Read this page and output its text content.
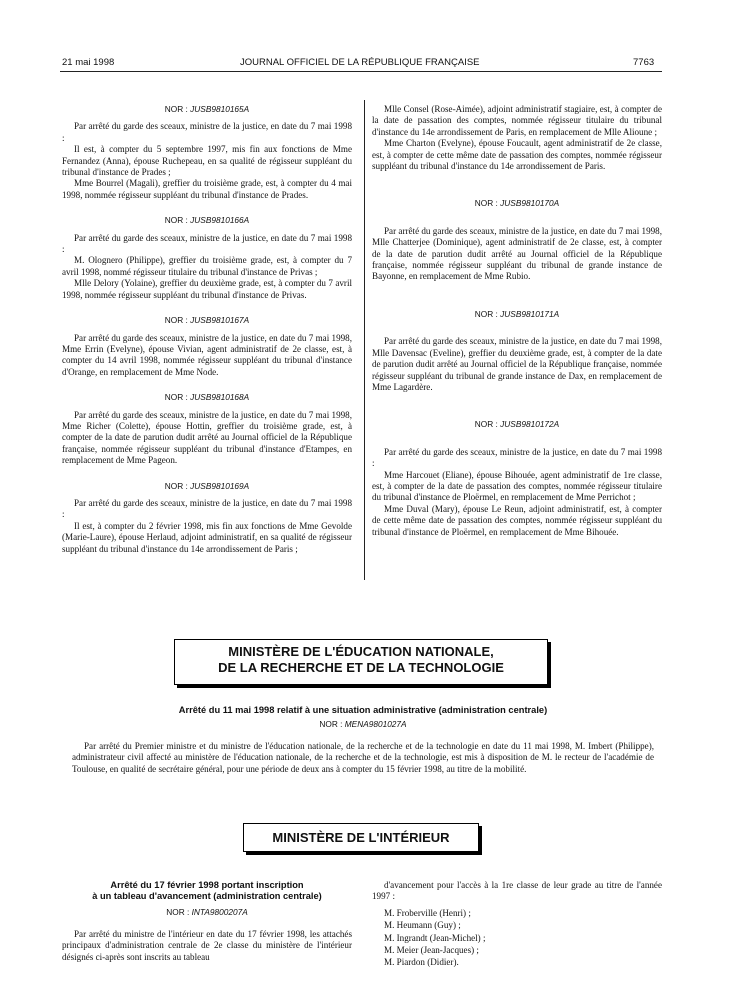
21 mai 1998	JOURNAL OFFICIEL DE LA RÉPUBLIQUE FRANÇAISE	7763
NOR : JUSB9810165A

Par arrêté du garde des sceaux, ministre de la justice, en date du 7 mai 1998 :

Il est, à compter du 5 septembre 1997, mis fin aux fonctions de Mme Fernandez (Anna), épouse Ruchepeau, en sa qualité de régisseur suppléant du tribunal d'instance de Prades ;

Mme Bourrel (Magali), greffier du troisième grade, est, à compter du 4 mai 1998, nommée régisseur suppléant du tribunal d'instance de Prades.

NOR : JUSB9810166A

Par arrêté du garde des sceaux, ministre de la justice, en date du 7 mai 1998 :

M. Olognero (Philippe), greffier du troisième grade, est, à compter du 7 avril 1998, nommé régisseur titulaire du tribunal d'instance de Privas ;

Mlle Delory (Yolaine), greffier du deuxième grade, est, à compter du 7 avril 1998, nommée régisseur suppléant du tribunal d'instance de Privas.

NOR : JUSB9810167A

Par arrêté du garde des sceaux, ministre de la justice, en date du 7 mai 1998, Mme Errin (Evelyne), épouse Vivian, agent administratif de 2e classe, est, à compter du 14 avril 1998, nommée régisseur suppléant du tribunal d'instance d'Orange, en remplacement de Mme Node.

NOR : JUSB9810168A

Par arrêté du garde des sceaux, ministre de la justice, en date du 7 mai 1998, Mme Richer (Colette), épouse Hottin, greffier du troisième grade, est, à compter de la date de parution dudit arrêté au Journal officiel de la République française, nommée régisseur suppléant du tribunal d'instance d'Etampes, en remplacement de Mme Pageon.

NOR : JUSB9810169A

Par arrêté du garde des sceaux, ministre de la justice, en date du 7 mai 1998 :

Il est, à compter du 2 février 1998, mis fin aux fonctions de Mme Gevolde (Marie-Laure), épouse Herlaud, adjoint administratif, en sa qualité de régisseur suppléant du tribunal d'instance du 14e arrondissement de Paris ;

Mlle Consel (Rose-Aimée), adjoint administratif stagiaire, est, à compter de la date de passation des comptes, nommée régisseur titulaire du tribunal d'instance du 14e arrondissement de Paris, en remplacement de Mlle Alioune ;

Mme Charton (Evelyne), épouse Foucault, agent administratif de 2e classe, est, à compter de cette même date de passation des comptes, nommée régisseur suppléant du tribunal d'instance du 14e arrondissement de Paris.

NOR : JUSB9810170A

Par arrêté du garde des sceaux, ministre de la justice, en date du 7 mai 1998, Mlle Chatterjee (Dominique), agent administratif de 2e classe, est, à compter de la date de parution dudit arrêté au Journal officiel de la République française, nommée régisseur suppléant du tribunal de grande instance de Bayonne, en remplacement de Mme Rubio.

NOR : JUSB9810171A

Par arrêté du garde des sceaux, ministre de la justice, en date du 7 mai 1998, Mlle Davensac (Eveline), greffier du deuxième grade, est, à compter de la date de parution dudit arrêté au Journal officiel de la République française, nommée régisseur suppléant du tribunal de grande instance de Dax, en remplacement de Mme Lagardère.

NOR : JUSB9810172A

Par arrêté du garde des sceaux, ministre de la justice, en date du 7 mai 1998 :

Mme Harcouet (Eliane), épouse Bihouée, agent administratif de 1re classe, est, à compter de la date de passation des comptes, nommée régisseur titulaire du tribunal d'instance de Ploërmel, en remplacement de Mme Perrichot ;

Mme Duval (Mary), épouse Le Reun, adjoint administratif, est, à compter de cette même date de passation des comptes, nommée régisseur suppléant du tribunal d'instance de Ploërmel, en remplacement de Mme Bihouée.

MINISTÈRE DE L'ÉDUCATION NATIONALE,
DE LA RECHERCHE ET DE LA TECHNOLOGIE
Arrêté du 11 mai 1998 relatif à une situation administrative (administration centrale)
NOR : MENA9801027A

Par arrêté du Premier ministre et du ministre de l'éducation nationale, de la recherche et de la technologie en date du 11 mai 1998, M. Imbert (Philippe), administrateur civil affecté au ministère de l'éducation nationale, de la recherche et de la technologie, est mis à disposition de M. le recteur de l'académie de Toulouse, en qualité de secrétaire général, pour une période de deux ans à compter du 15 février 1998, au titre de la mobilité.

MINISTÈRE DE L'INTÉRIEUR
Arrêté du 17 février 1998 portant inscription
à un tableau d'avancement (administration centrale)
NOR : INTA9800207A

Par arrêté du ministre de l'intérieur en date du 17 février 1998, les attachés principaux d'administration centrale de 2e classe du ministère de l'intérieur désignés ci-après sont inscrits au tableau

d'avancement pour l'accès à la 1re classe de leur grade au titre de l'année 1997 :

M. Froberville (Henri) ;
M. Heumann (Guy) ;
M. Ingrandt (Jean-Michel) ;
M. Meier (Jean-Jacques) ;
M. Piardon (Didier).
